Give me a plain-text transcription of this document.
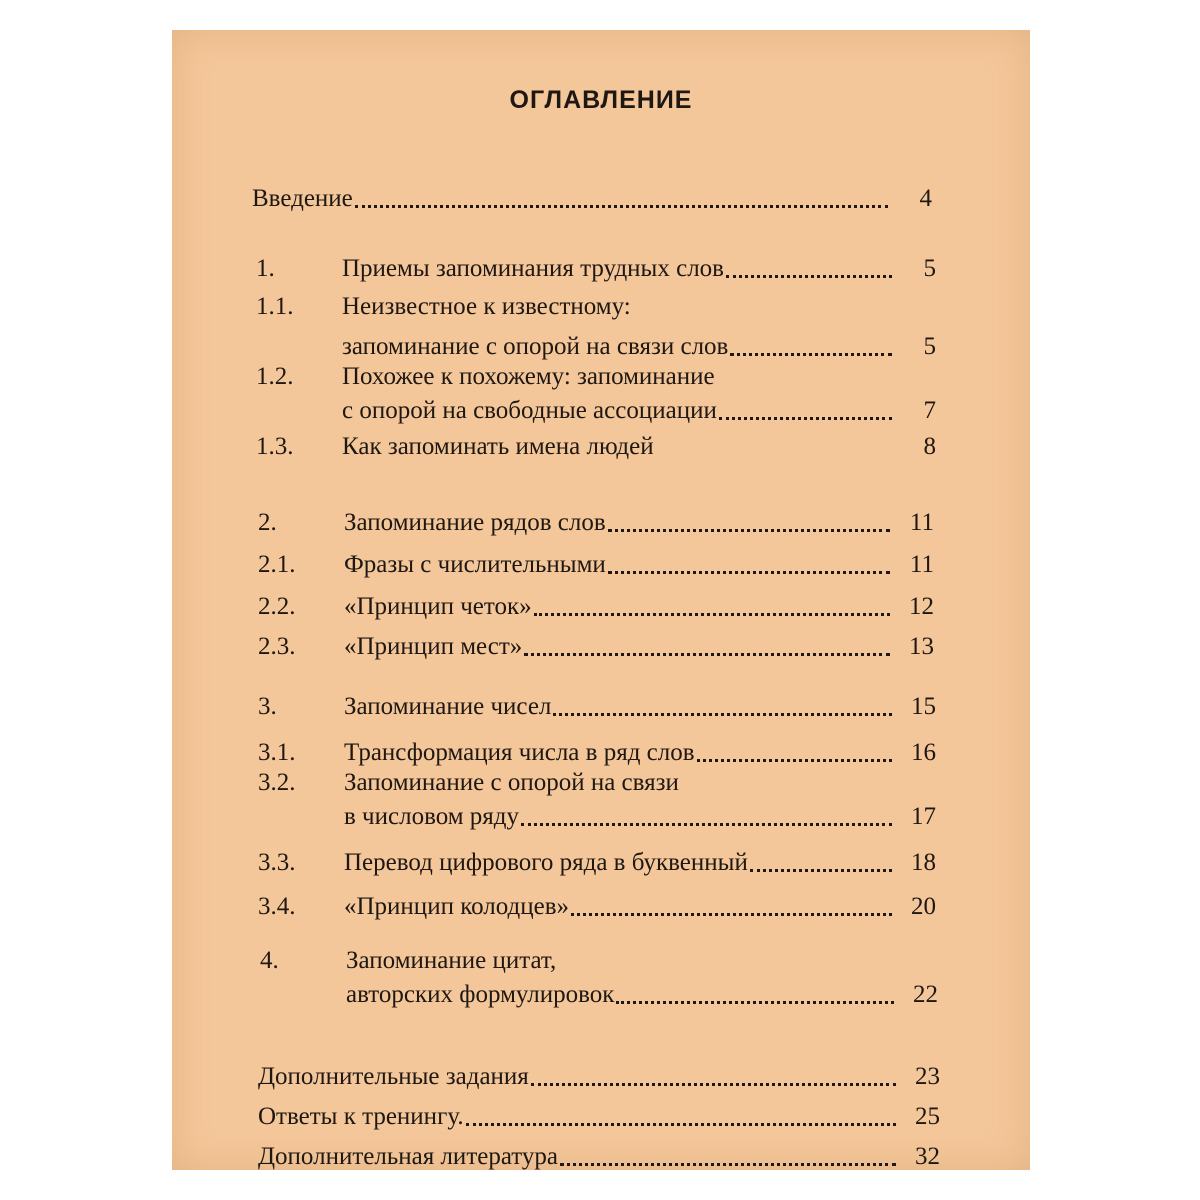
ОГЛАВЛЕНИЕ
Введение	4
1.	Приемы запоминания трудных слов	5
1.1. Неизвестное к известному:
запоминание с опорой на связи слов	5
1.2. Похожее к похожему: запоминание
с опорой на свободные ассоциации	7
1.3.	Как запоминать имена людей	8
2.	Запоминание рядов слов	11
2.1.	Фразы с числительными	11
2.2.	«Принцип четок»	12
2.3.	«Принцип мест»	13
3.	Запоминание чисел	15
3.1.	Трансформация числа в ряд слов	16
3.2. Запоминание с опорой на связи
в числовом ряду	17
3.3.	Перевод цифрового ряда в буквенный	18
3.4.	«Принцип колодцев»	20
4.	Запоминание цитат,
авторских формулировок	22
Дополнительные задания	23
Ответы к тренингу.	25
Дополнительная литература	32
